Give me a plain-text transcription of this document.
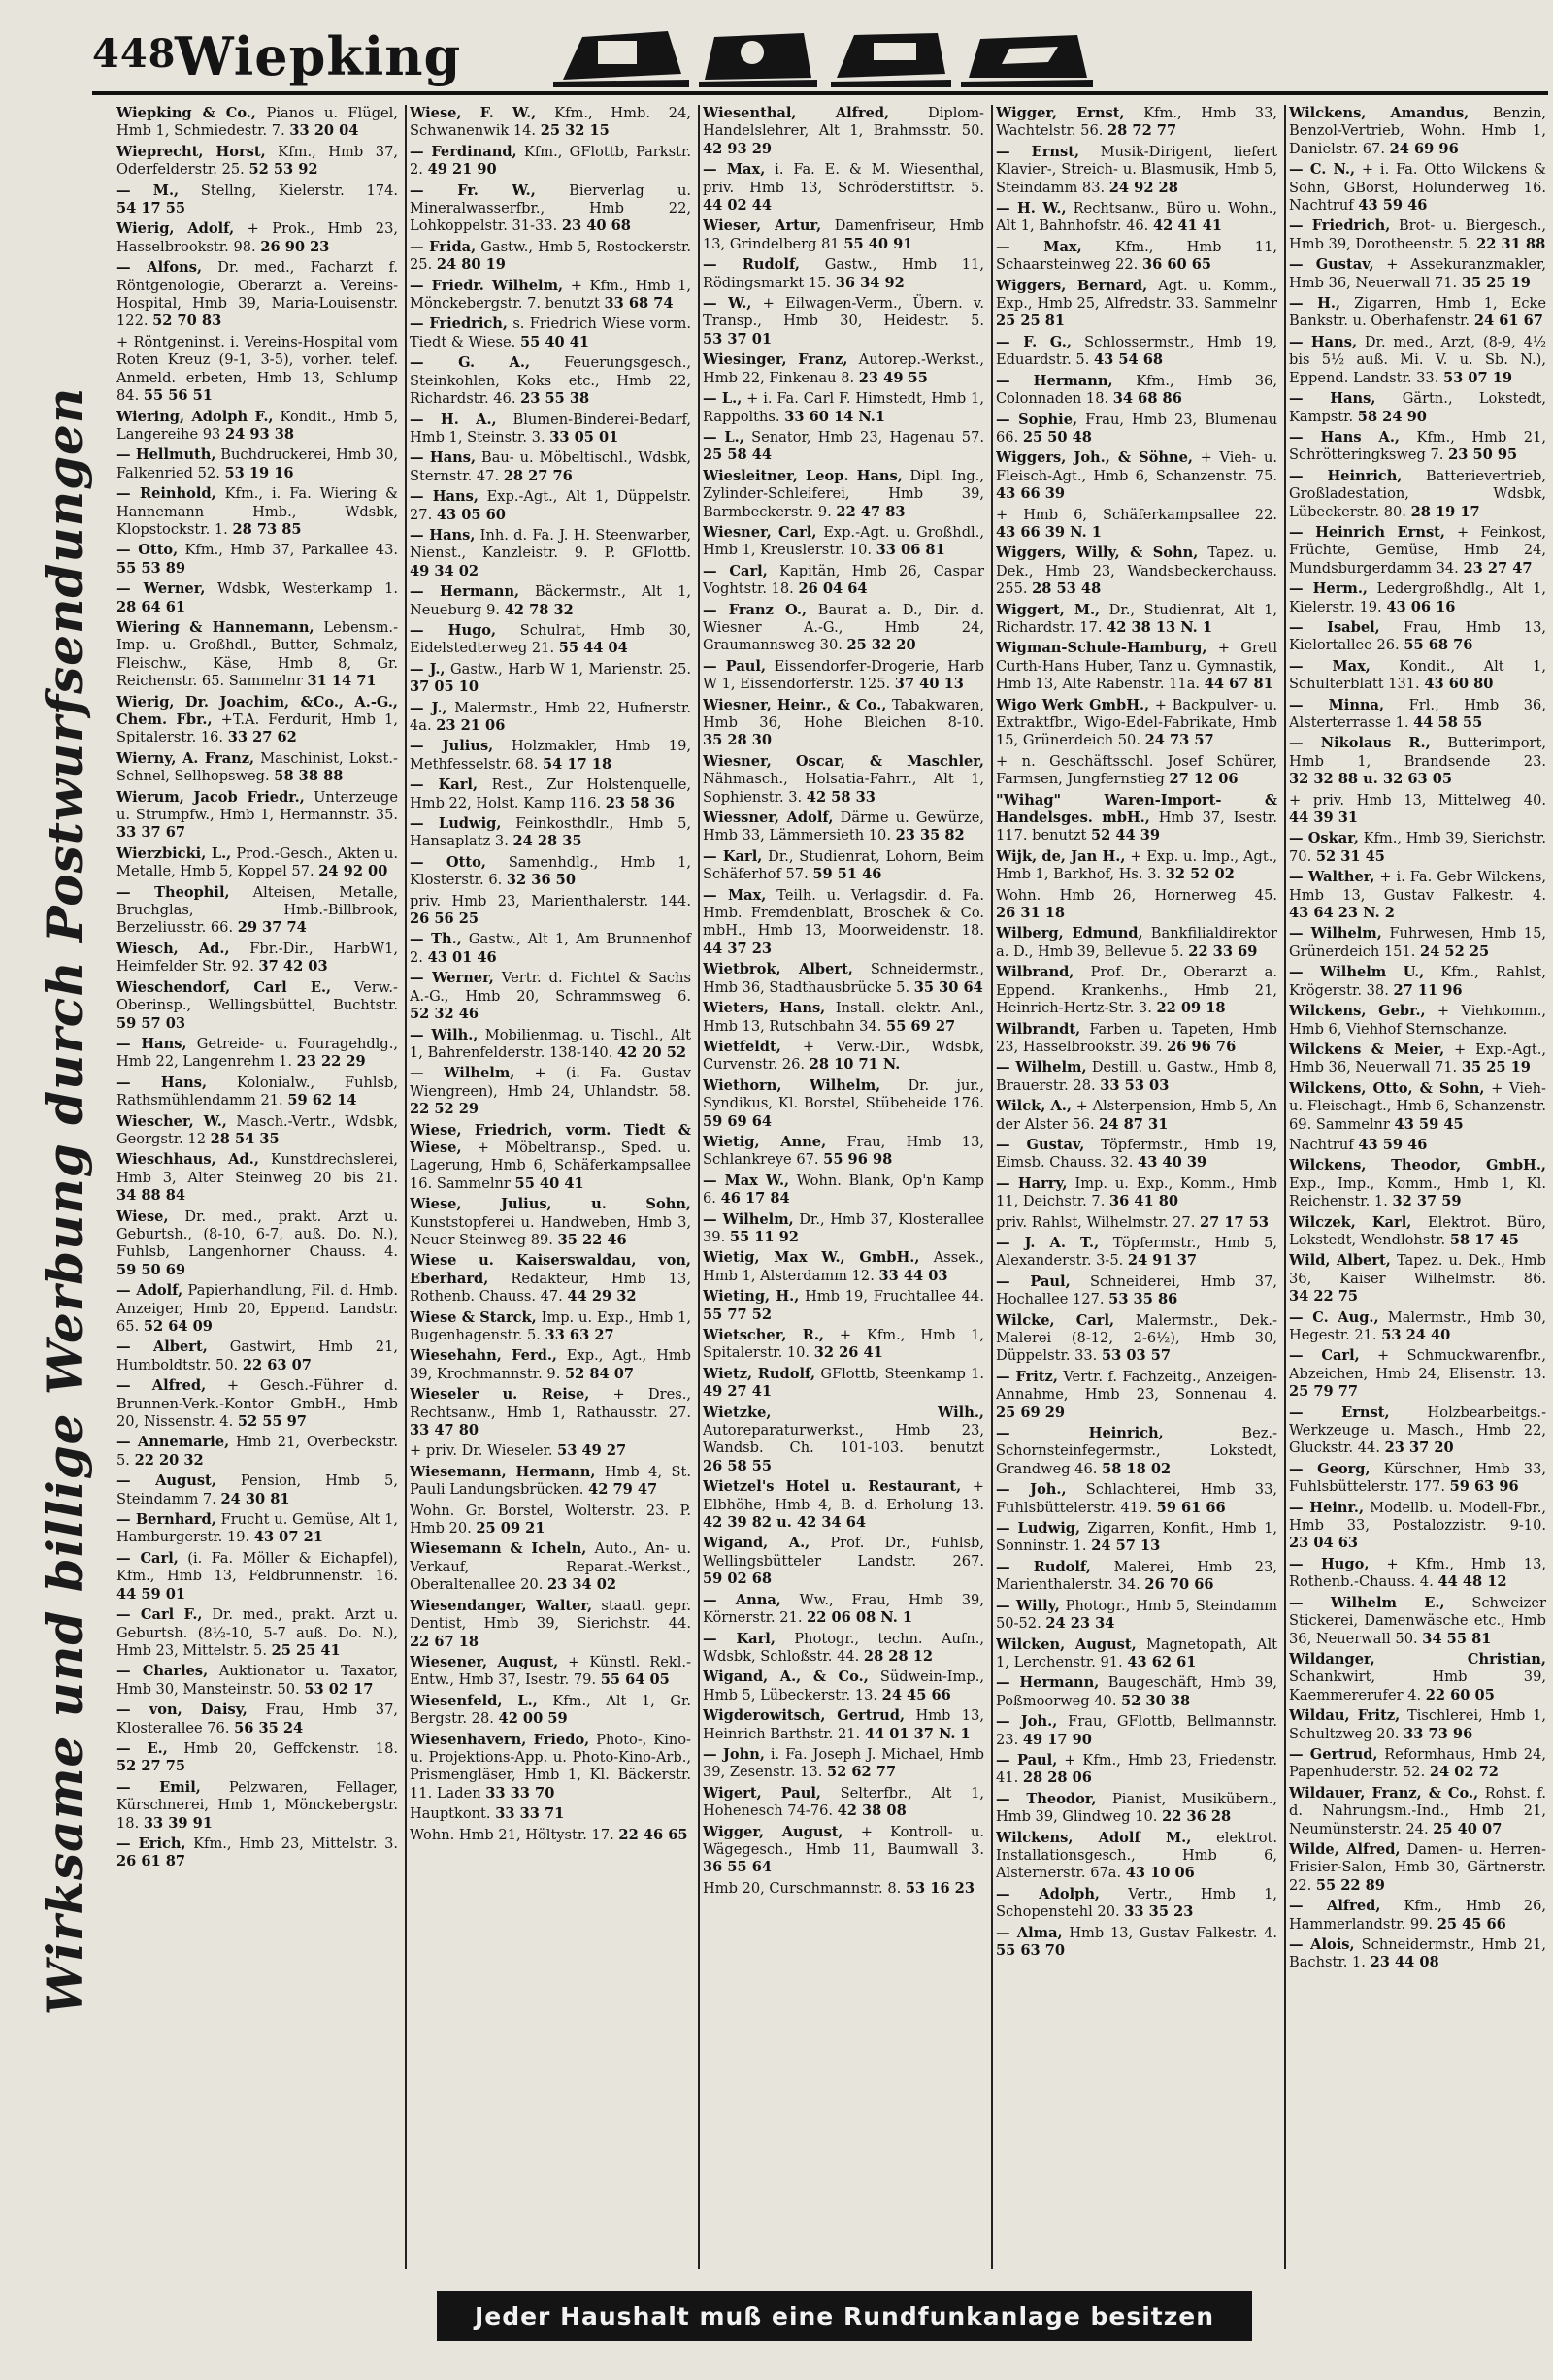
448
Wiepking
Wirksame und billige Werbung durch Postwurfsendungen
Wiepking & Co., Pianos u. Flügel, Hmb 1, Schmiedestr. 7. 33 20 04
Wieprecht, Horst, Kfm., Hmb 37, Oderfelderstr. 25. 52 53 92
— M., Stellng, Kielerstr. 174. 54 17 55
Wierig, Adolf, + Prok., Hmb 23, Hasselbrookstr. 98. 26 90 23
— Alfons, Dr. med., Facharzt f. Röntgenologie, Oberarzt a. Vereins-Hospital, Hmb 39, Maria-Louisenstr. 122. 52 70 83
+ Röntgeninst. i. Vereins-Hospital vom Roten Kreuz (9-1, 3-5), vorher. telef. Anmeld. erbeten, Hmb 13, Schlump 84. 55 56 51
Wiering, Adolph F., Kondit., Hmb 5, Langereihe 93 24 93 38
— Hellmuth, Buchdruckerei, Hmb 30, Falkenried 52. 53 19 16
— Reinhold, Kfm., i. Fa. Wiering & Hannemann Hmb., Wdsbk, Klopstockstr. 1. 28 73 85
— Otto, Kfm., Hmb 37, Parkallee 43. 55 53 89
— Werner, Wdsbk, Westerkamp 1. 28 64 61
Wiering & Hannemann, Lebensm.-Imp. u. Großhdl., Butter, Schmalz, Fleischw., Käse, Hmb 8, Gr. Reichenstr. 65. Sammelnr 31 14 71
Wierig, Dr. Joachim, &Co., A.-G., Chem. Fbr., +T.A. Ferdurit, Hmb 1, Spitalerstr. 16. 33 27 62
Wierny, A. Franz, Maschinist, Lokst.-Schnel, Sellhopsweg. 58 38 88
Wierum, Jacob Friedr., Unterzeuge u. Strumpfw., Hmb 1, Hermannstr. 35. 33 37 67
Wierzbicki, L., Prod.-Gesch., Akten u. Metalle, Hmb 5, Koppel 57. 24 92 00
— Theophil, Alteisen, Metalle, Bruchglas, Hmb.-Billbrook, Berzeliusstr. 66. 29 37 74
Wiesch, Ad., Fbr.-Dir., HarbW1, Heimfelder Str. 92. 37 42 03
Wieschendorf, Carl E., Verw.-Oberinsp., Wellingsbüttel, Buchtstr. 59 57 03
— Hans, Getreide- u. Fouragehdlg., Hmb 22, Langenrehm 1. 23 22 29
— Hans, Kolonialw., Fuhlsb, Rathsmühlendamm 21. 59 62 14
Wiescher, W., Masch.-Vertr., Wdsbk, Georgstr. 12 28 54 35
Wieschhaus, Ad., Kunstdrechslerei, Hmb 3, Alter Steinweg 20 bis 21. 34 88 84
Wiese, Dr. med., prakt. Arzt u. Geburtsh., (8-10, 6-7, auß. Do. N.), Fuhlsb, Langenhorner Chauss. 4. 59 50 69
— Adolf, Papierhandlung, Fil. d. Hmb. Anzeiger, Hmb 20, Eppend. Landstr. 65. 52 64 09
— Albert, Gastwirt, Hmb 21, Humboldtstr. 50. 22 63 07
— Alfred, + Gesch.-Führer d. Brunnen-Verk.-Kontor GmbH., Hmb 20, Nissenstr. 4. 52 55 97
— Annemarie, Hmb 21, Overbeckstr. 5. 22 20 32
— August, Pension, Hmb 5, Steindamm 7. 24 30 81
— Bernhard, Frucht u. Gemüse, Alt 1, Hamburgerstr. 19. 43 07 21
— Carl, (i. Fa. Möller & Eichapfel), Kfm., Hmb 13, Feldbrunnenstr. 16. 44 59 01
— Carl F., Dr. med., prakt. Arzt u. Geburtsh. (8½-10, 5-7 auß. Do. N.), Hmb 23, Mittelstr. 5. 25 25 41
— Charles, Auktionator u. Taxator, Hmb 30, Mansteinstr. 50. 53 02 17
— von, Daisy, Frau, Hmb 37, Klosterallee 76. 56 35 24
— E., Hmb 20, Geffckenstr. 18. 52 27 75
— Emil, Pelzwaren, Fellager, Kürschnerei, Hmb 1, Mönckebergstr. 18. 33 39 91
— Erich, Kfm., Hmb 23, Mittelstr. 3. 26 61 87
Wiese, F. W., Kfm., Hmb. 24, Schwanenwik 14. 25 32 15
— Ferdinand, Kfm., GFlottb, Parkstr. 2. 49 21 90
— Fr. W., Bierverlag u. Mineralwasserfbr., Hmb 22, Lohkoppelstr. 31-33. 23 40 68
— Frida, Gastw., Hmb 5, Rostockerstr. 25. 24 80 19
— Friedr. Wilhelm, + Kfm., Hmb 1, Mönckebergstr. 7. benutzt 33 68 74
— Friedrich, s. Friedrich Wiese vorm. Tiedt & Wiese. 55 40 41
— G. A., Feuerungsgesch., Steinkohlen, Koks etc., Hmb 22, Richardstr. 46. 23 55 38
— H. A., Blumen-Binderei-Bedarf, Hmb 1, Steinstr. 3. 33 05 01
— Hans, Bau- u. Möbeltischl., Wdsbk, Sternstr. 47. 28 27 76
— Hans, Exp.-Agt., Alt 1, Düppelstr. 27. 43 05 60
— Hans, Inh. d. Fa. J. H. Steenwarber, Nienst., Kanzleistr. 9. P. GFlottb. 49 34 02
— Hermann, Bäckermstr., Alt 1, Neueburg 9. 42 78 32
— Hugo, Schulrat, Hmb 30, Eidelstedterweg 21. 55 44 04
— J., Gastw., Harb W 1, Marienstr. 25. 37 05 10
— J., Malermstr., Hmb 22, Hufnerstr. 4a. 23 21 06
— Julius, Holzmakler, Hmb 19, Methfesselstr. 68. 54 17 18
— Karl, Rest., Zur Holstenquelle, Hmb 22, Holst. Kamp 116. 23 58 36
— Ludwig, Feinkosthdlr., Hmb 5, Hansaplatz 3. 24 28 35
— Otto, Samenhdlg., Hmb 1, Klosterstr. 6. 32 36 50
priv. Hmb 23, Marienthalerstr. 144. 26 56 25
— Th., Gastw., Alt 1, Am Brunnenhof 2. 43 01 46
— Werner, Vertr. d. Fichtel & Sachs A.-G., Hmb 20, Schrammsweg 6. 52 32 46
— Wilh., Mobilienmag. u. Tischl., Alt 1, Bahrenfelderstr. 138-140. 42 20 52
— Wilhelm, + (i. Fa. Gustav Wiengreen), Hmb 24, Uhlandstr. 58. 22 52 29
Wiese, Friedrich, vorm. Tiedt & Wiese, + Möbeltransp., Sped. u. Lagerung, Hmb 6, Schäferkampsallee 16. Sammelnr 55 40 41
Wiese, Julius, u. Sohn, Kunststopferei u. Handweben, Hmb 3, Neuer Steinweg 89. 35 22 46
Wiese u. Kaiserswaldau, von, Eberhard, Redakteur, Hmb 13, Rothenb. Chauss. 47. 44 29 32
Wiese & Starck, Imp. u. Exp., Hmb 1, Bugenhagenstr. 5. 33 63 27
Wiesehahn, Ferd., Exp., Agt., Hmb 39, Krochmannstr. 9. 52 84 07
Wieseler u. Reise, + Dres., Rechtsanw., Hmb 1, Rathausstr. 27. 33 47 80
+ priv. Dr. Wieseler. 53 49 27
Wiesemann, Hermann, Hmb 4, St. Pauli Landungsbrücken. 42 79 47
Wohn. Gr. Borstel, Wolterstr. 23. P. Hmb 20. 25 09 21
Wiesemann & Icheln, Auto., An- u. Verkauf, Reparat.-Werkst., Oberaltenallee 20. 23 34 02
Wiesendanger, Walter, staatl. gepr. Dentist, Hmb 39, Sierichstr. 44. 22 67 18
Wiesener, August, + Künstl. Rekl.-Entw., Hmb 37, Isestr. 79. 55 64 05
Wiesenfeld, L., Kfm., Alt 1, Gr. Bergstr. 28. 42 00 59
Wiesenhavern, Friedo, Photo-, Kino- u. Projektions-App. u. Photo-Kino-Arb., Prismengläser, Hmb 1, Kl. Bäckerstr. 11. Laden 33 33 70
Hauptkont. 33 33 71
Wohn. Hmb 21, Höltystr. 17. 22 46 65
Wiesenthal, Alfred, Diplom-Handelslehrer, Alt 1, Brahmsstr. 50. 42 93 29
— Max, i. Fa. E. & M. Wiesenthal, priv. Hmb 13, Schröderstiftstr. 5. 44 02 44
Wieser, Artur, Damenfriseur, Hmb 13, Grindelberg 81 55 40 91
— Rudolf, Gastw., Hmb 11, Rödingsmarkt 15. 36 34 92
— W., + Eilwagen-Verm., Übern. v. Transp., Hmb 30, Heidestr. 5. 53 37 01
Wiesinger, Franz, Autorep.-Werkst., Hmb 22, Finkenau 8. 23 49 55
— L., + i. Fa. Carl F. Himstedt, Hmb 1, Rappolths. 33 60 14 N.1
— L., Senator, Hmb 23, Hagenau 57. 25 58 44
Wiesleitner, Leop. Hans, Dipl. Ing., Zylinder-Schleiferei, Hmb 39, Barmbeckerstr. 9. 22 47 83
Wiesner, Carl, Exp.-Agt. u. Großhdl., Hmb 1, Kreuslerstr. 10. 33 06 81
— Carl, Kapitän, Hmb 26, Caspar Voghtstr. 18. 26 04 64
— Franz O., Baurat a. D., Dir. d. Wiesner A.-G., Hmb 24, Graumannsweg 30. 25 32 20
— Paul, Eissendorfer-Drogerie, Harb W 1, Eissendorferstr. 125. 37 40 13
Wiesner, Heinr., & Co., Tabakwaren, Hmb 36, Hohe Bleichen 8-10. 35 28 30
Wiesner, Oscar, & Maschler, Nähmasch., Holsatia-Fahrr., Alt 1, Sophienstr. 3. 42 58 33
Wiessner, Adolf, Därme u. Gewürze, Hmb 33, Lämmersieth 10. 23 35 82
— Karl, Dr., Studienrat, Lohorn, Beim Schäferhof 57. 59 51 46
— Max, Teilh. u. Verlagsdir. d. Fa. Hmb. Fremdenblatt, Broschek & Co. mbH., Hmb 13, Moorweidenstr. 18. 44 37 23
Wietbrok, Albert, Schneidermstr., Hmb 36, Stadthausbrücke 5. 35 30 64
Wieters, Hans, Install. elektr. Anl., Hmb 13, Rutschbahn 34. 55 69 27
Wietfeldt, + Verw.-Dir., Wdsbk, Curvenstr. 26. 28 10 71 N.
Wiethorn, Wilhelm, Dr. jur., Syndikus, Kl. Borstel, Stübeheide 176. 59 69 64
Wietig, Anne, Frau, Hmb 13, Schlankreye 67. 55 96 98
— Max W., Wohn. Blank, Op'n Kamp 6. 46 17 84
— Wilhelm, Dr., Hmb 37, Klosterallee 39. 55 11 92
Wietig, Max W., GmbH., Assek., Hmb 1, Alsterdamm 12. 33 44 03
Wieting, H., Hmb 19, Fruchtallee 44. 55 77 52
Wietscher, R., + Kfm., Hmb 1, Spitalerstr. 10. 32 26 41
Wietz, Rudolf, GFlottb, Steenkamp 1. 49 27 41
Wietzke, Wilh., Autoreparaturwerkst., Hmb 23, Wandsb. Ch. 101-103. benutzt 26 58 55
Wietzel's Hotel u. Restaurant, + Elbhöhe, Hmb 4, B. d. Erholung 13. 42 39 82 u. 42 34 64
Wigand, A., Prof. Dr., Fuhlsb, Wellingsbütteler Landstr. 267. 59 02 68
— Anna, Ww., Frau, Hmb 39, Körnerstr. 21. 22 06 08 N. 1
— Karl, Photogr., techn. Aufn., Wdsbk, Schloßstr. 44. 28 28 12
Wigand, A., & Co., Südwein-Imp., Hmb 5, Lübeckerstr. 13. 24 45 66
Wigderowitsch, Gertrud, Hmb 13, Heinrich Barthstr. 21. 44 01 37 N. 1
— John, i. Fa. Joseph J. Michael, Hmb 39, Zesenstr. 13. 52 62 77
Wigert, Paul, Selterfbr., Alt 1, Hohenesch 74-76. 42 38 08
Wigger, August, + Kontroll- u. Wägegesch., Hmb 11, Baumwall 3. 36 55 64
Hmb 20, Curschmannstr. 8. 53 16 23
Wigger, Ernst, Kfm., Hmb 33, Wachtelstr. 56. 28 72 77
— Ernst, Musik-Dirigent, liefert Klavier-, Streich- u. Blasmusik, Hmb 5, Steindamm 83. 24 92 28
— H. W., Rechtsanw., Büro u. Wohn., Alt 1, Bahnhofstr. 46. 42 41 41
— Max, Kfm., Hmb 11, Schaarsteinweg 22. 36 60 65
Wiggers, Bernard, Agt. u. Komm., Exp., Hmb 25, Alfredstr. 33. Sammelnr 25 25 81
— F. G., Schlossermstr., Hmb 19, Eduardstr. 5. 43 54 68
— Hermann, Kfm., Hmb 36, Colonnaden 18. 34 68 86
— Sophie, Frau, Hmb 23, Blumenau 66. 25 50 48
Wiggers, Joh., & Söhne, + Vieh- u. Fleisch-Agt., Hmb 6, Schanzenstr. 75. 43 66 39
+ Hmb 6, Schäferkampsallee 22. 43 66 39 N. 1
Wiggers, Willy, & Sohn, Tapez. u. Dek., Hmb 23, Wandsbeckerchauss. 255. 28 53 48
Wiggert, M., Dr., Studienrat, Alt 1, Richardstr. 17. 42 38 13 N. 1
Wigman-Schule-Hamburg, + Gretl Curth-Hans Huber, Tanz u. Gymnastik, Hmb 13, Alte Rabenstr. 11a. 44 67 81
Wigo Werk GmbH., + Backpulver- u. Extraktfbr., Wigo-Edel-Fabrikate, Hmb 15, Grünerdeich 50. 24 73 57
+ n. Geschäftsschl. Josef Schürer, Farmsen, Jungfernstieg 27 12 06
"Wihag" Waren-Import- & Handelsges. mbH., Hmb 37, Isestr. 117. benutzt 52 44 39
Wijk, de, Jan H., + Exp. u. Imp., Agt., Hmb 1, Barkhof, Hs. 3. 32 52 02
Wohn. Hmb 26, Hornerweg 45. 26 31 18
Wilberg, Edmund, Bankfilialdirektor a. D., Hmb 39, Bellevue 5. 22 33 69
Wilbrand, Prof. Dr., Oberarzt a. Eppend. Krankenhs., Hmb 21, Heinrich-Hertz-Str. 3. 22 09 18
Wilbrandt, Farben u. Tapeten, Hmb 23, Hasselbrookstr. 39. 26 96 76
— Wilhelm, Destill. u. Gastw., Hmb 8, Brauerstr. 28. 33 53 03
Wilck, A., + Alsterpension, Hmb 5, An der Alster 56. 24 87 31
— Gustav, Töpfermstr., Hmb 19, Eimsb. Chauss. 32. 43 40 39
— Harry, Imp. u. Exp., Komm., Hmb 11, Deichstr. 7. 36 41 80
priv. Rahlst, Wilhelmstr. 27. 27 17 53
— J. A. T., Töpfermstr., Hmb 5, Alexanderstr. 3-5. 24 91 37
— Paul, Schneiderei, Hmb 37, Hochallee 127. 53 35 86
Wilcke, Carl, Malermstr., Dek.-Malerei (8-12, 2-6½), Hmb 30, Düppelstr. 33. 53 03 57
— Fritz, Vertr. f. Fachzeitg., Anzeigen-Annahme, Hmb 23, Sonnenau 4. 25 69 29
— Heinrich, Bez.-Schornsteinfegermstr., Lokstedt, Grandweg 46. 58 18 02
— Joh., Schlachterei, Hmb 33, Fuhlsbüttelerstr. 419. 59 61 66
— Ludwig, Zigarren, Konfit., Hmb 1, Sonninstr. 1. 24 57 13
— Rudolf, Malerei, Hmb 23, Marienthalerstr. 34. 26 70 66
— Willy, Photogr., Hmb 5, Steindamm 50-52. 24 23 34
Wilcken, August, Magnetopath, Alt 1, Lerchenstr. 91. 43 62 61
— Hermann, Baugeschäft, Hmb 39, Poßmoorweg 40. 52 30 38
— Joh., Frau, GFlottb, Bellmannstr. 23. 49 17 90
— Paul, + Kfm., Hmb 23, Friedenstr. 41. 28 28 06
— Theodor, Pianist, Musikübern., Hmb 39, Glindweg 10. 22 36 28
Wilckens, Adolf M., elektrot. Installationsgesch., Hmb 6, Alsternerstr. 67a. 43 10 06
— Adolph, Vertr., Hmb 1, Schopenstehl 20. 33 35 23
— Alma, Hmb 13, Gustav Falkestr. 4. 55 63 70
Wilckens, Amandus, Benzin, Benzol-Vertrieb, Wohn. Hmb 1, Danielstr. 67. 24 69 96
— C. N., + i. Fa. Otto Wilckens & Sohn, GBorst, Holunderweg 16. Nachtruf 43 59 46
— Friedrich, Brot- u. Biergesch., Hmb 39, Dorotheenstr. 5. 22 31 88
— Gustav, + Assekuranzmakler, Hmb 36, Neuerwall 71. 35 25 19
— H., Zigarren, Hmb 1, Ecke Bankstr. u. Oberhafenstr. 24 61 67
— Hans, Dr. med., Arzt, (8-9, 4½ bis 5½ auß. Mi. V. u. Sb. N.), Eppend. Landstr. 33. 53 07 19
— Hans, Gärtn., Lokstedt, Kampstr. 58 24 90
— Hans A., Kfm., Hmb 21, Schrötteringksweg 7. 23 50 95
— Heinrich, Batterievertrieb, Großladestation, Wdsbk, Lübeckerstr. 80. 28 19 17
— Heinrich Ernst, + Feinkost, Früchte, Gemüse, Hmb 24, Mundsburgerdamm 34. 23 27 47
— Herm., Ledergroßhdlg., Alt 1, Kielerstr. 19. 43 06 16
— Isabel, Frau, Hmb 13, Kielortallee 26. 55 68 76
— Max, Kondit., Alt 1, Schulterblatt 131. 43 60 80
— Minna, Frl., Hmb 36, Alsterterrasse 1. 44 58 55
— Nikolaus R., Butterimport, Hmb 1, Brandsende 23. 32 32 88 u. 32 63 05
+ priv. Hmb 13, Mittelweg 40. 44 39 31
— Oskar, Kfm., Hmb 39, Sierichstr. 70. 52 31 45
— Walther, + i. Fa. Gebr Wilckens, Hmb 13, Gustav Falkestr. 4. 43 64 23 N. 2
— Wilhelm, Fuhrwesen, Hmb 15, Grünerdeich 151. 24 52 25
— Wilhelm U., Kfm., Rahlst, Krögerstr. 38. 27 11 96
Wilckens, Gebr., + Viehkomm., Hmb 6, Viehhof Sternschanze.
Wilckens & Meier, + Exp.-Agt., Hmb 36, Neuerwall 71. 35 25 19
Wilckens, Otto, & Sohn, + Vieh- u. Fleischagt., Hmb 6, Schanzenstr. 69. Sammelnr 43 59 45
Nachtruf 43 59 46
Wilckens, Theodor, GmbH., Exp., Imp., Komm., Hmb 1, Kl. Reichenstr. 1. 32 37 59
Wilczek, Karl, Elektrot. Büro, Lokstedt, Wendlohstr. 58 17 45
Wild, Albert, Tapez. u. Dek., Hmb 36, Kaiser Wilhelmstr. 86. 34 22 75
— C. Aug., Malermstr., Hmb 30, Hegestr. 21. 53 24 40
— Carl, + Schmuckwarenfbr., Abzeichen, Hmb 24, Elisenstr. 13. 25 79 77
— Ernst, Holzbearbeitgs.-Werkzeuge u. Masch., Hmb 22, Gluckstr. 44. 23 37 20
— Georg, Kürschner, Hmb 33, Fuhlsbüttelerstr. 177. 59 63 96
— Heinr., Modellb. u. Modell-Fbr., Hmb 33, Postalozzistr. 9-10. 23 04 63
— Hugo, + Kfm., Hmb 13, Rothenb.-Chauss. 4. 44 48 12
— Wilhelm E., Schweizer Stickerei, Damenwäsche etc., Hmb 36, Neuerwall 50. 34 55 81
Wildanger, Christian, Schankwirt, Hmb 39, Kaemmererufer 4. 22 60 05
Wildau, Fritz, Tischlerei, Hmb 1, Schultzweg 20. 33 73 96
— Gertrud, Reformhaus, Hmb 24, Papenhuderstr. 52. 24 02 72
Wildauer, Franz, & Co., Rohst. f. d. Nahrungsm.-Ind., Hmb 21, Neumünsterstr. 24. 25 40 07
Wilde, Alfred, Damen- u. Herren-Frisier-Salon, Hmb 30, Gärtnerstr. 22. 55 22 89
— Alfred, Kfm., Hmb 26, Hammerlandstr. 99. 25 45 66
— Alois, Schneidermstr., Hmb 21, Bachstr. 1. 23 44 08
Jeder Haushalt muß eine Rundfunkanlage besitzen
